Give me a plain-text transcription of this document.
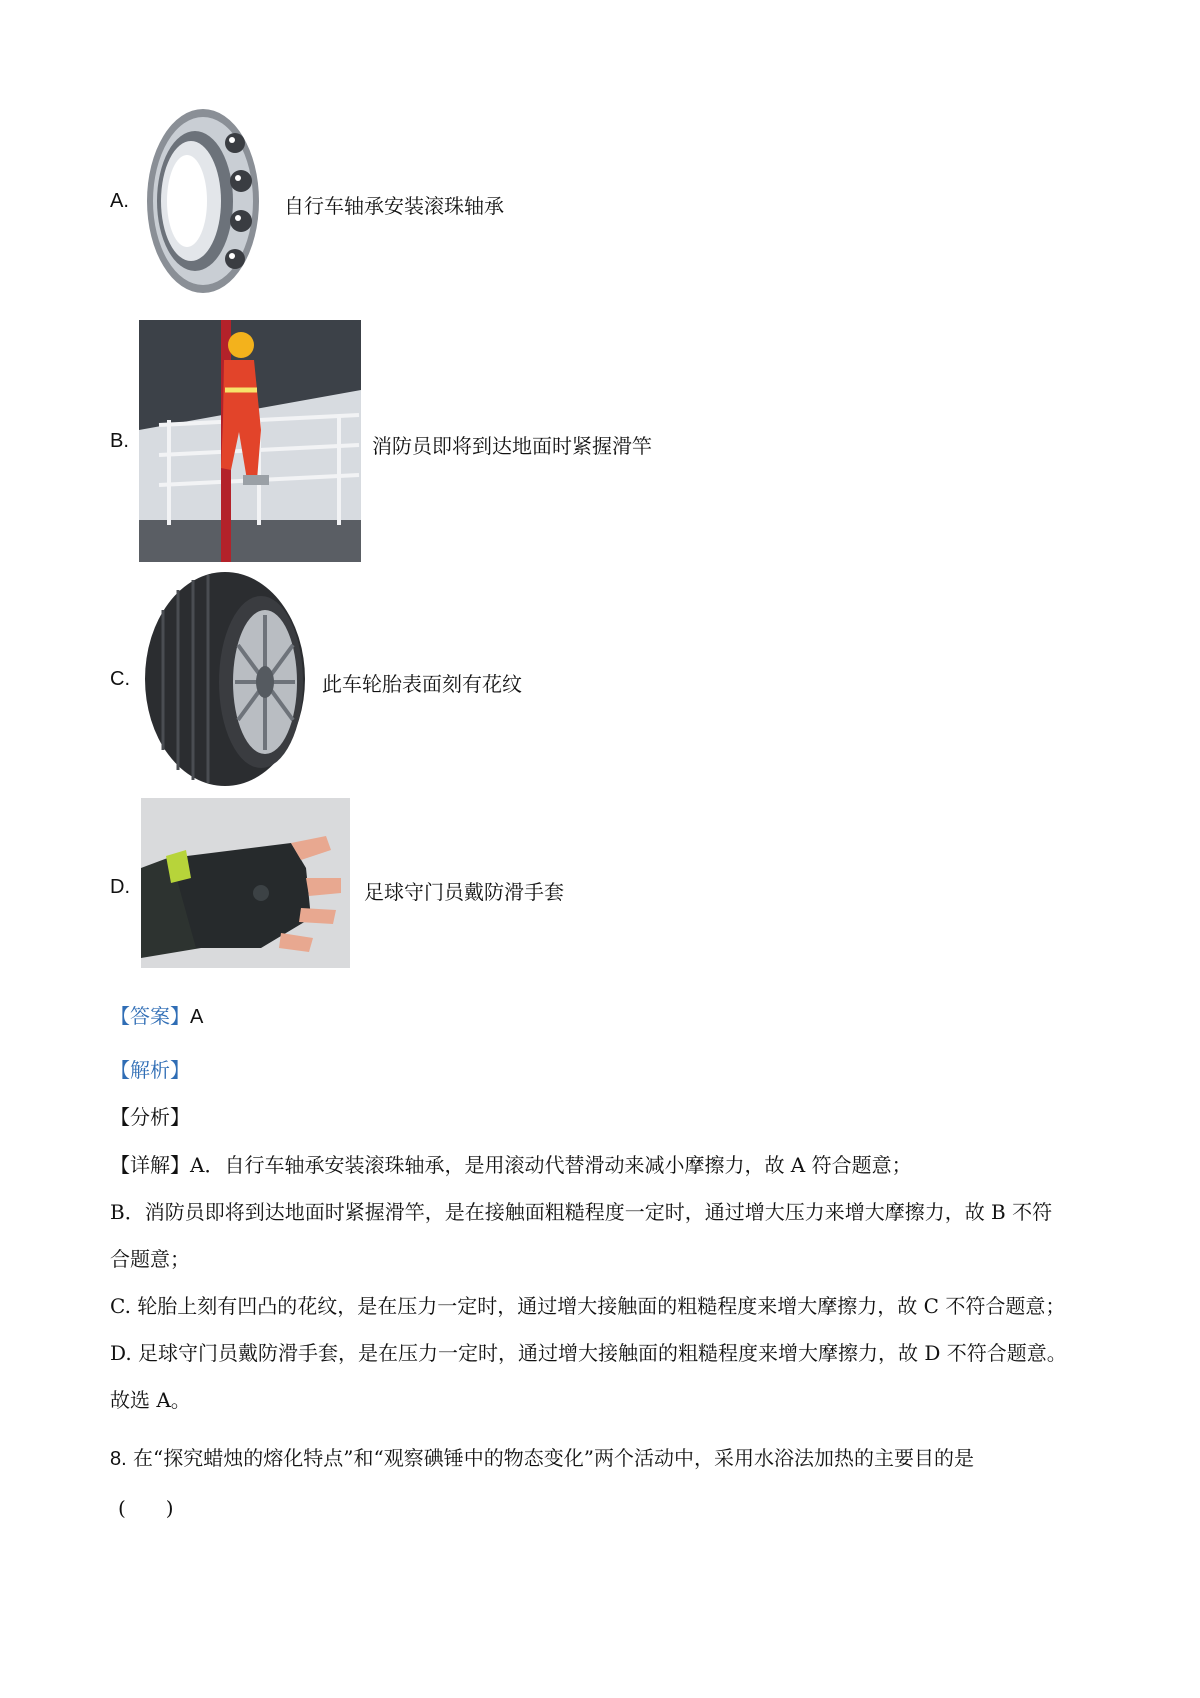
A.	自行车轴承安装滚珠轴承
B.	消防员即将到达地面时紧握滑竿
C.	此车轮胎表面刻有花纹
D.	足球守门员戴防滑手套
【答案】A
【解析】
【分析】
【详解】A．自行车轴承安装滚珠轴承，是用滚动代替滑动来减小摩擦力，故 A 符合题意；
B．消防员即将到达地面时紧握滑竿，是在接触面粗糙程度一定时，通过增大压力来增大摩擦力，故 B 不符
合题意；
C. 轮胎上刻有凹凸的花纹，是在压力一定时，通过增大接触面的粗糙程度来增大摩擦力，故 C 不符合题意；
D. 足球守门员戴防滑手套，是在压力一定时，通过增大接触面的粗糙程度来增大摩擦力，故 D 不符合题意。
故选 A。
8. 在“探究蜡烛的熔化特点”和“观察碘锤中的物态变化”两个活动中，采用水浴法加热的主要目的是
(　　)
